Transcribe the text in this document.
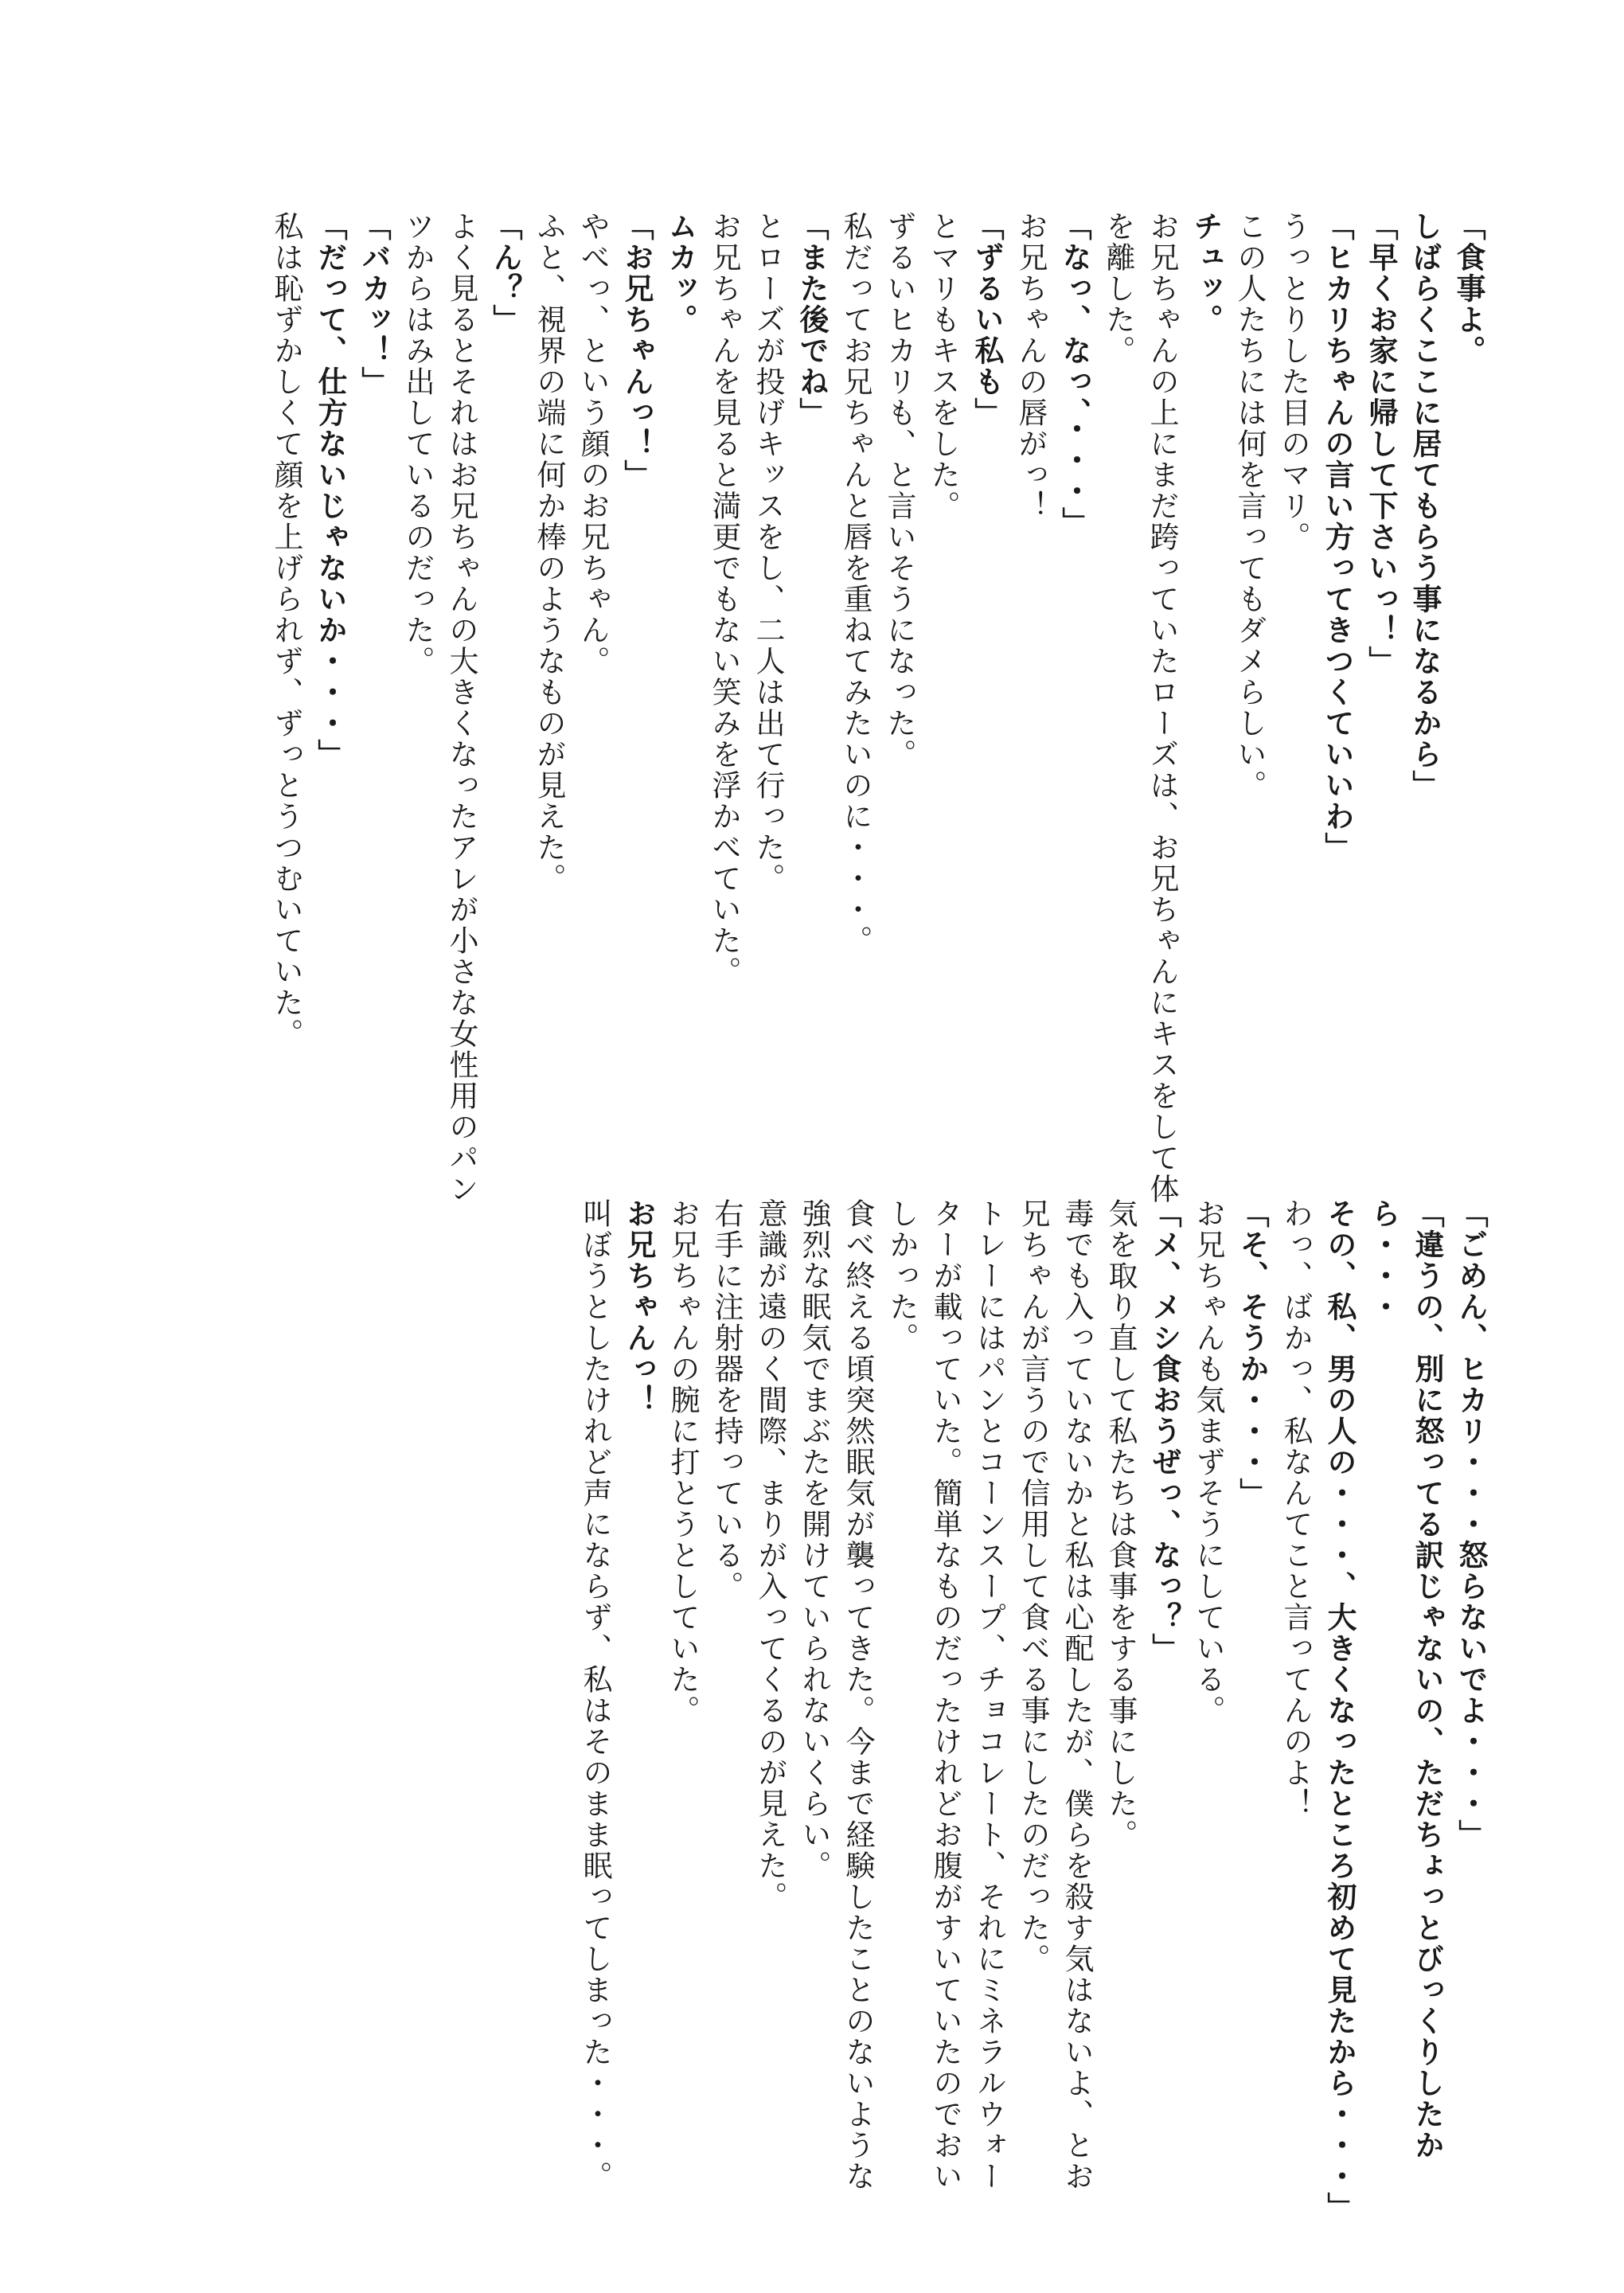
「食事よ。
しばらくここに居てもらう事になるから」
「早くお家に帰して下さいっ！」
「ヒカリちゃんの言い方ってきつくていいわ」
うっとりした目のマリ。
この人たちには何を言ってもダメらしい。
チュッ。
お兄ちゃんの上にまだ跨っていたローズは、お兄ちゃんにキスをして体
を離した。
「なっ、なっ、・・・」
お兄ちゃんの唇がっ！
「ずるい私も」
とマリもキスをした。
ずるいヒカリも、と言いそうになった。
私だってお兄ちゃんと唇を重ねてみたいのに・・・。
「また後でね」
とローズが投げキッスをし、二人は出て行った。
お兄ちゃんを見ると満更でもない笑みを浮かべていた。
ムカッ。
「お兄ちゃんっ！」
やべっ、という顔のお兄ちゃん。
ふと、視界の端に何か棒のようなものが見えた。
「ん？」
よく見るとそれはお兄ちゃんの大きくなったアレが小さな女性用のパン
ツからはみ出しているのだった。
「バカッ！」
「だって、仕方ないじゃないか・・・」
私は恥ずかしくて顔を上げられず、ずっとうつむいていた。
「ごめん、ヒカリ・・・怒らないでよ・・・」
「違うの、別に怒ってる訳じゃないの、ただちょっとびっくりしたか
ら・・・
その、私、男の人の・・・、大きくなったところ初めて見たから・・・」
わっ、ばかっ、私なんてこと言ってんのよ！
「そ、そうか・・・」
お兄ちゃんも気まずそうにしている。
「メ、メシ食おうぜっ、なっ？」
気を取り直して私たちは食事をする事にした。
毒でも入っていないかと私は心配したが、僕らを殺す気はないよ、とお
兄ちゃんが言うので信用して食べる事にしたのだった。
トレーにはパンとコーンスープ、チョコレート、それにミネラルウォー
ターが載っていた。簡単なものだったけれどお腹がすいていたのでおい
しかった。
食べ終える頃突然眠気が襲ってきた。今まで経験したことのないような
強烈な眠気でまぶたを開けていられないくらい。
意識が遠のく間際、まりが入ってくるのが見えた。
右手に注射器を持っている。
お兄ちゃんの腕に打とうとしていた。
お兄ちゃんっ！
叫ぼうとしたけれど声にならず、私はそのまま眠ってしまった・・・。
